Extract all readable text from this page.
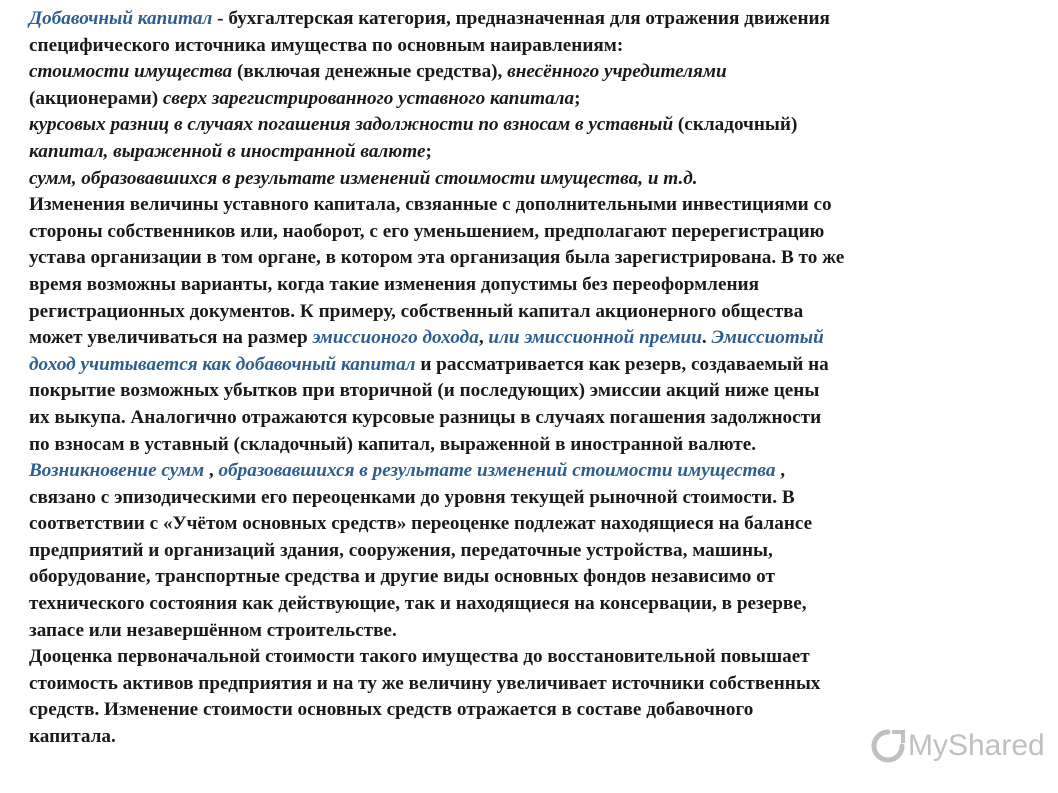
Добавочный капитал - бухгалтерская категория, предназначенная для отражения движения
специфического источника имущества по основным наиравлениям:
стоимости имущества (включая денежные средства), внесённого учредителями
(акционерами) сверх зарегистрированного уставного капитала;
курсовых разниц в случаях погашения задолжности по взносам в уставный (складочный)
капитал, выраженной в иностранной валюте;
сумм, образовавшихся в результате изменений стоимости имущества, и т.д.
Изменения величины уставного капитала, свзяанные с дополнительными инвестициями со
стороны собственников или, наоборот, с его уменьшением, предполагают перерегистрацию
устава организации в том органе, в котором эта организация была зарегистрирована. В то же
время возможны варианты, когда такие изменения допустимы без переоформления
регистрационных документов. К примеру, собственный капитал акционерного общества
может увеличиваться на размер эмиссионого дохода, или эмиссионной премии. Эмиссиотый
доход учитывается как добавочный капитал и рассматривается как резерв, создаваемый на
покрытие возможных убытков при вторичной (и последующих) эмиссии акций ниже цены
их выкупа. Аналогично отражаются курсовые разницы в случаях погашения задолжности
по взносам в уставный (складочный) капитал, выраженной в иностранной валюте.
Возникновение сумм , образовавшихся в результате изменений стоимости имущества ,
связано с эпизодическими его переоценками до уровня текущей рыночной стоимости. В
соответствии с «Учётом основных средств» переоценке подлежат находящиеся на балансе
предприятий и организаций здания, сооружения, передаточные устройства, машины,
оборудование, транспортные средства и другие виды основных фондов независимо от
технического состояния как действующие, так и находящиеся на консервации, в резерве,
запасе или незавершённом строительстве.
Дооценка первоначальной стоимости такого имущества до восстановительной повышает
стоимость активов предприятия и на ту же величину увеличивает источники собственных
средств. Изменение стоимости основных средств отражается в составе добавочного
капитала.	MyShared
